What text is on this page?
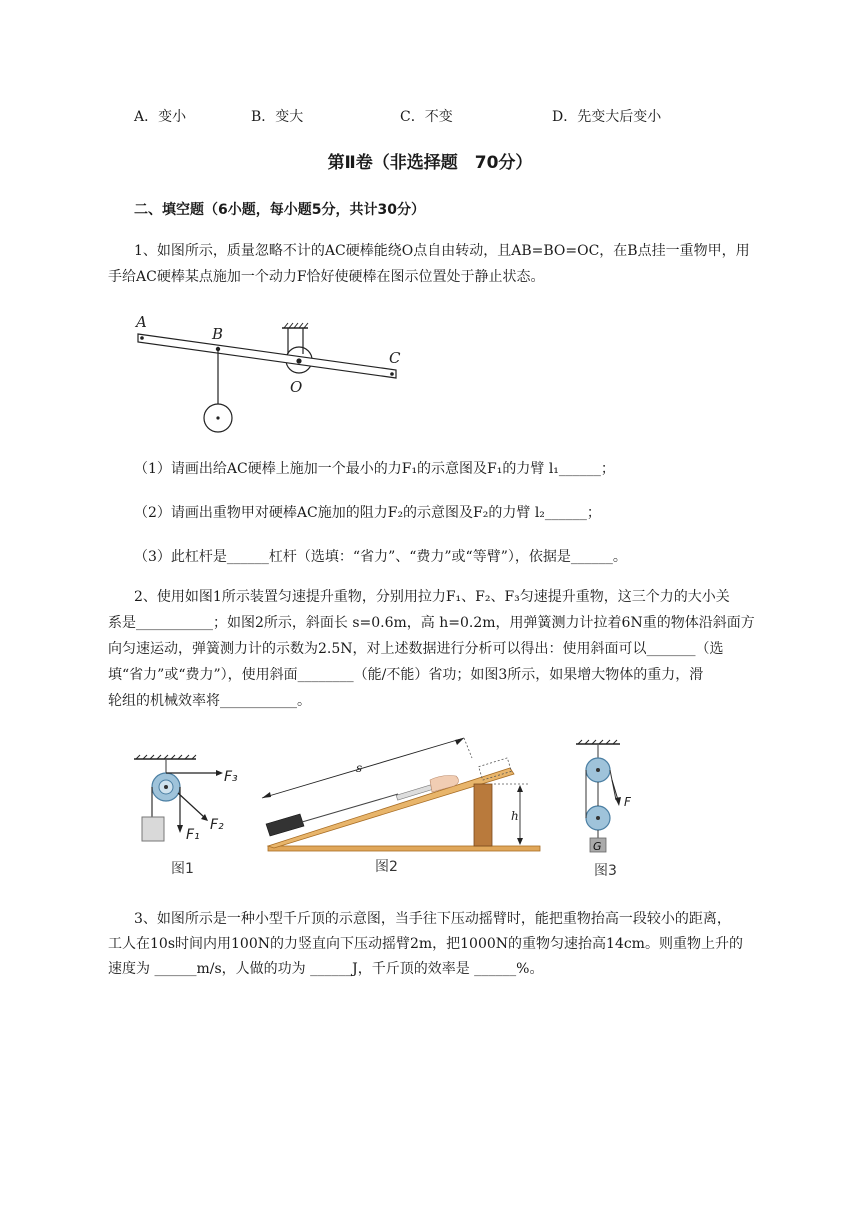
A．变小	B．变大	C．不变	D．先变大后变小
第Ⅱ卷（非选择题　70分）
二、填空题（6小题，每小题5分，共计30分）
1、如图所示，质量忽略不计的AC硬棒能绕O点自由转动，且AB=BO=OC，在B点挂一重物甲，用
手给AC硬棒某点施加一个动力F恰好使硬棒在图示位置处于静止状态。
A
B
O
C
（1）请画出给AC硬棒上施加一个最小的力F₁的示意图及F₁的力臂 l₁______；
（2）请画出重物甲对硬棒AC施加的阻力F₂的示意图及F₂的力臂 l₂______；
（3）此杠杆是______杠杆（选填：“省力”、“费力”或“等臂”），依据是______。
2、使用如图1所示装置匀速提升重物，分别用拉力F₁、F₂、F₃匀速提升重物，这三个力的大小关
系是___________；如图2所示，斜面长 s=0.6m，高 h=0.2m，用弹簧测力计拉着6N重的物体沿斜面方
向匀速运动，弹簧测力计的示数为2.5N，对上述数据进行分析可以得出：使用斜面可以_______（选
填“省力”或“费力”），使用斜面________（能/不能）省功；如图3所示，如果增大物体的重力，滑
轮组的机械效率将___________。
F₃
F₂
F₁
图1
s
h
图2
F
G
图3
3、如图所示是一种小型千斤顶的示意图，当手往下压动摇臂时，能把重物抬高一段较小的距离，
工人在10s时间内用100N的力竖直向下压动摇臂2m，把1000N的重物匀速抬高14cm。则重物上升的
速度为 ______m/s，人做的功为 ______J，千斤顶的效率是 ______%。
